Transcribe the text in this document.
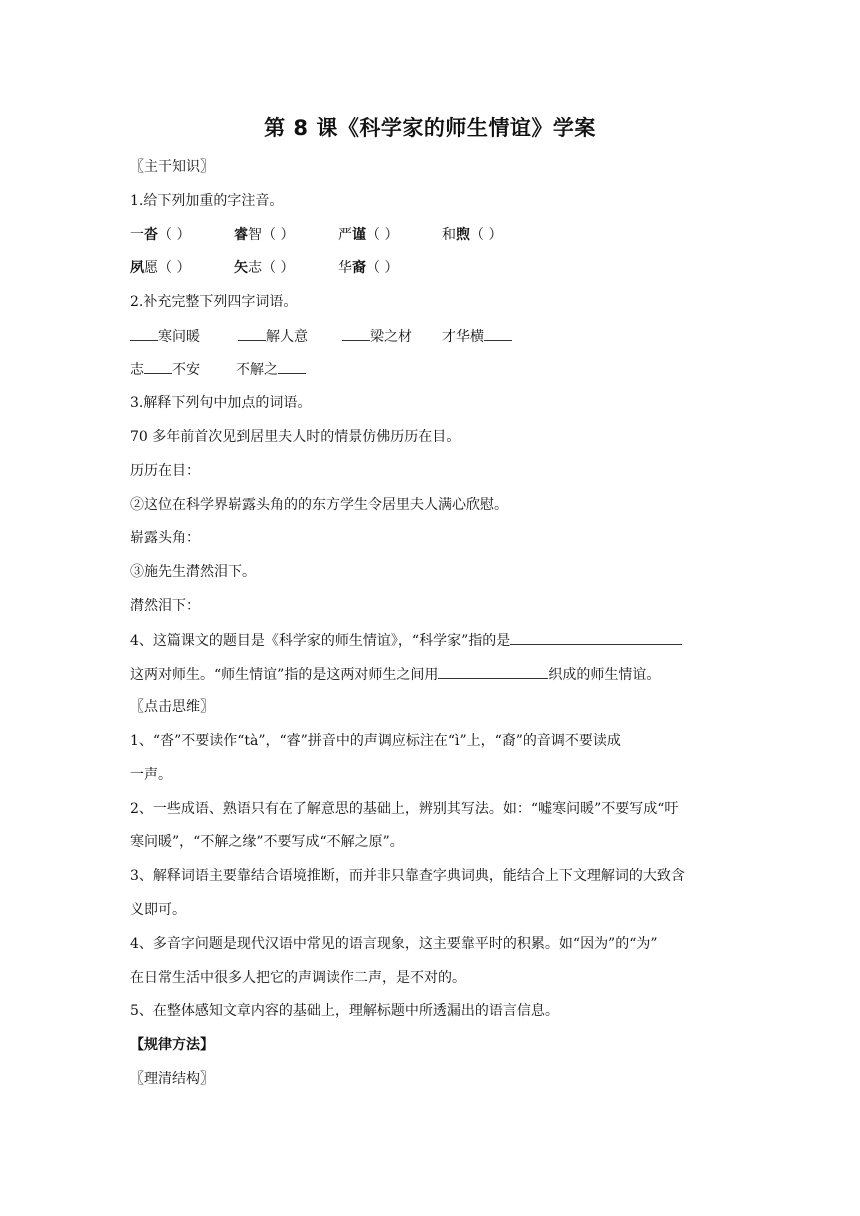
第 8 课《科学家的师生情谊》学案
〖主干知识〗
1.给下列加重的字注音。
一沓（ ）	睿智（ ）	严谨（ ）	和煦（ ）
夙愿（ ）	矢志（ ）	华裔（ ）
2.补充完整下列四字词语。
寒问暖	解人意	梁之材 才华横
志 不安	不解之
3.解释下列句中加点的词语。
70 多年前首次见到居里夫人时的情景仿佛历历在目。
历历在目：
②这位在科学界崭露头角的的东方学生令居里夫人满心欣慰。
崭露头角：
③施先生潸然泪下。
潸然泪下：
4、这篇课文的题目是《科学家的师生情谊》，“科学家”指的是
这两对师生。“师生情谊”指的是这两对师生之间用	织成的师生情谊。
〖点击思维〗
1、“沓”不要读作“tà”，“睿”拼音中的声调应标注在“ì”上，“裔”的音调不要读成
一声。
2、一些成语、熟语只有在了解意思的基础上，辨别其写法。如：“嘘寒问暖”不要写成“吁
寒问暖”，“不解之缘”不要写成“不解之原”。
3、解释词语主要靠结合语境推断，而并非只靠查字典词典，能结合上下文理解词的大致含
义即可。
4、多音字问题是现代汉语中常见的语言现象，这主要靠平时的积累。如“因为”的“为”
在日常生活中很多人把它的声调读作二声，是不对的。
5、在整体感知文章内容的基础上，理解标题中所透漏出的语言信息。
【规律方法】
〖理清结构〗
